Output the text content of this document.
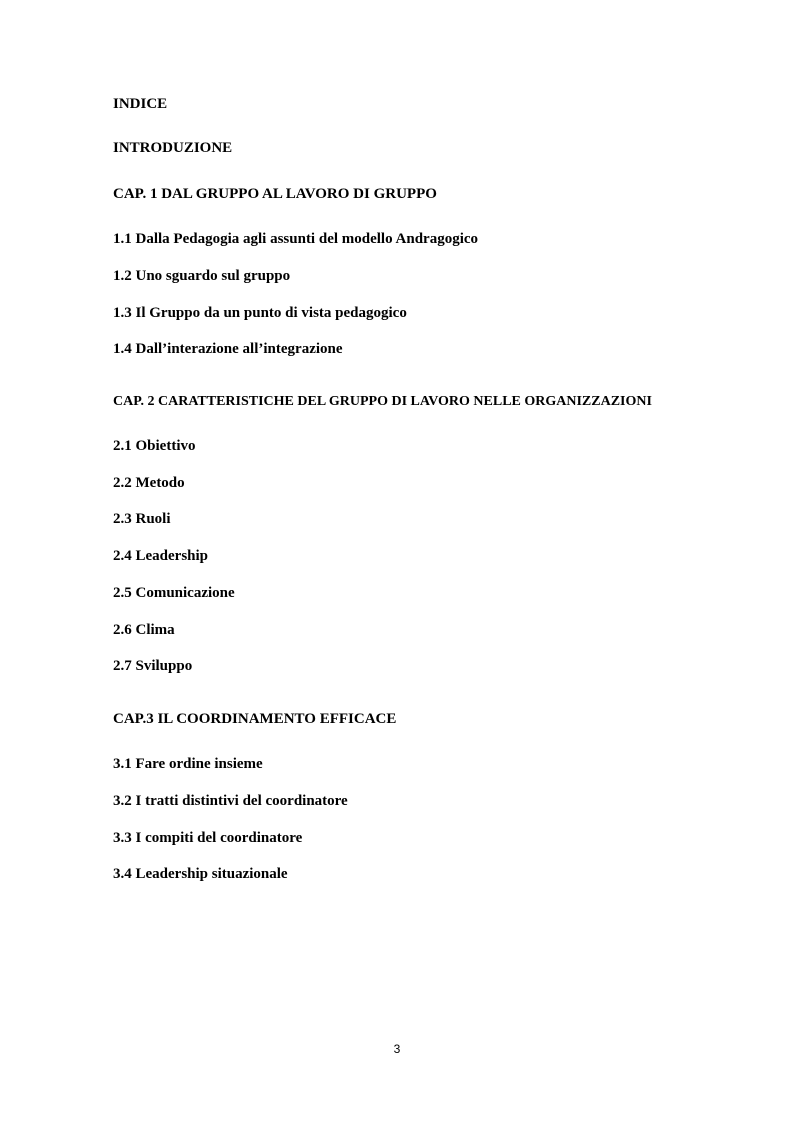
INDICE
INTRODUZIONE
CAP. 1 DAL GRUPPO AL LAVORO DI GRUPPO
1.1 Dalla Pedagogia agli assunti del modello Andragogico
1.2 Uno sguardo sul gruppo
1.3 Il Gruppo da un punto di vista pedagogico
1.4 Dall’interazione all’integrazione
CAP. 2 CARATTERISTICHE DEL GRUPPO DI LAVORO NELLE ORGANIZZAZIONI
2.1 Obiettivo
2.2 Metodo
2.3 Ruoli
2.4 Leadership
2.5 Comunicazione
2.6 Clima
2.7 Sviluppo
CAP.3 IL COORDINAMENTO EFFICACE
3.1 Fare ordine insieme
3.2 I tratti distintivi del coordinatore
3.3 I compiti del coordinatore
3.4 Leadership situazionale
3
